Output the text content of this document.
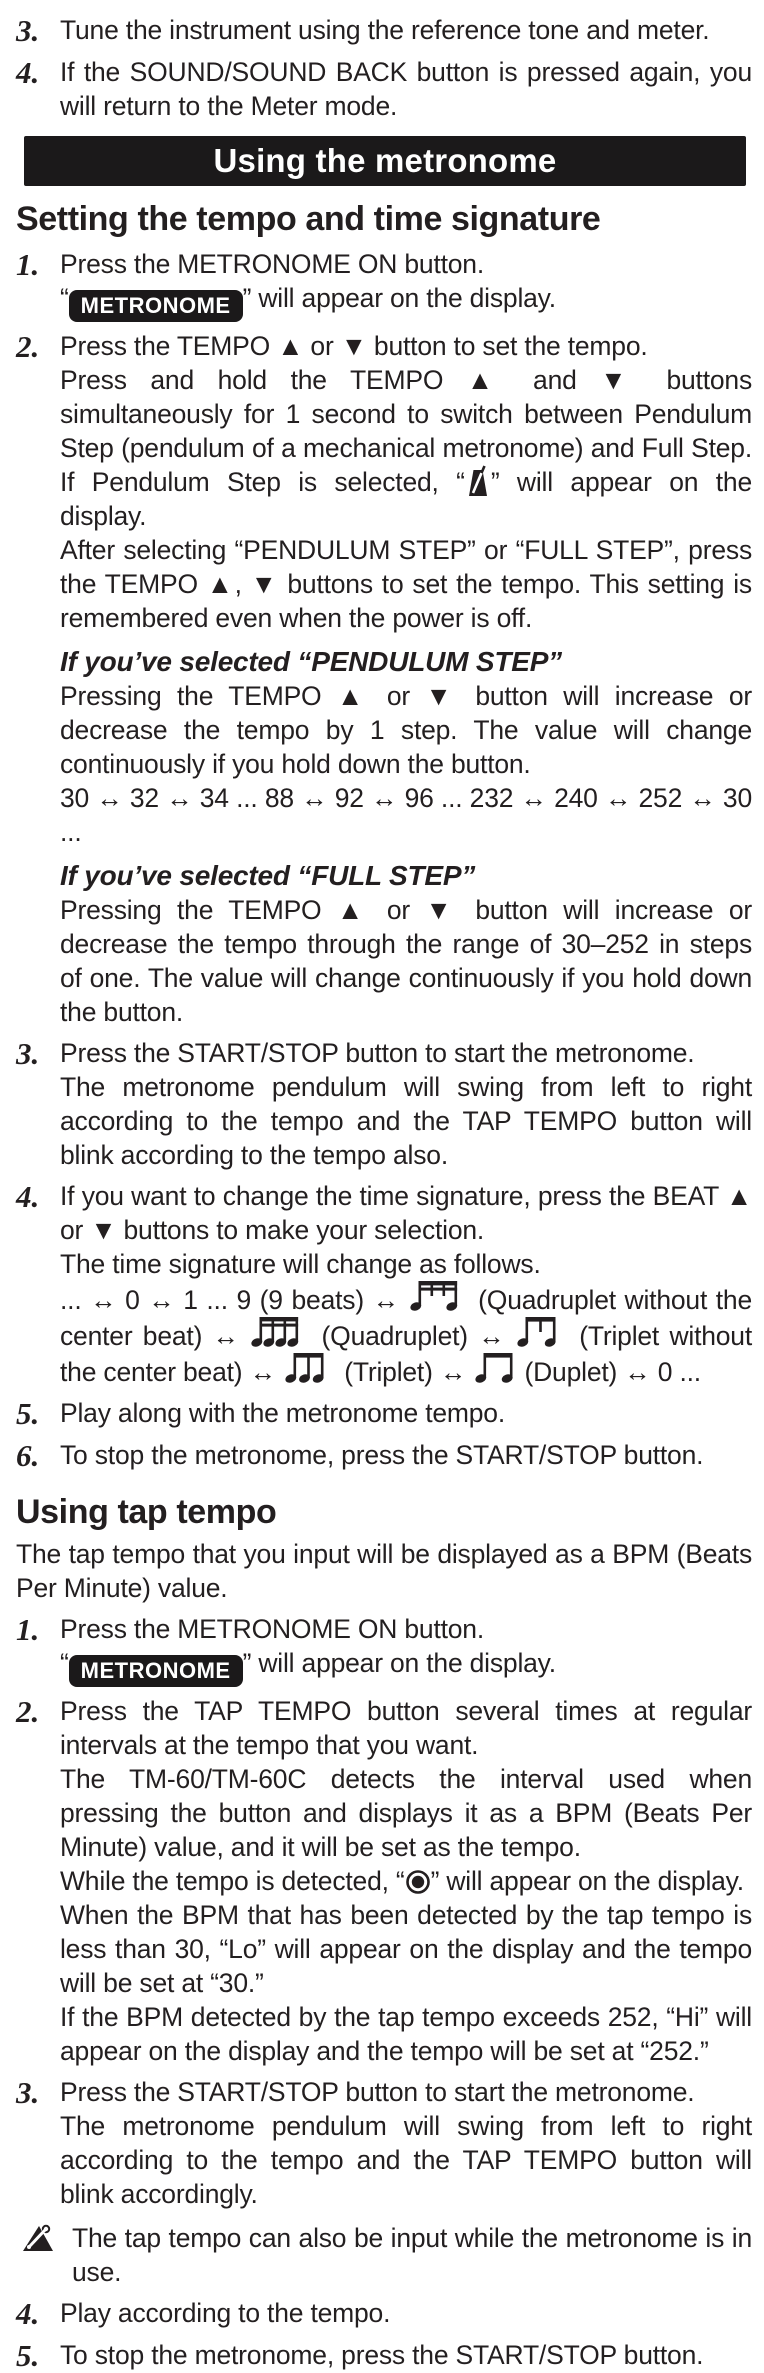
3. Tune the instrument using the reference tone and meter.

4. If the SOUND/SOUND BACK button is pressed again, you will return to the Meter mode.

Using the metronome
Setting the tempo and time signature
1. Press the METRONOME ON button.

“ METRONOME ” will appear on the display.

2. Press the TEMPO ▲ or ▼ button to set the tempo.

Press and hold the TEMPO ▲ and ▼ buttons simultaneously for 1 second to switch between Pendulum Step (pendulum of a mechanical metronome) and Full Step. If Pendulum Step is selected, “ ” will appear on the display.

After selecting “PENDULUM STEP” or “FULL STEP”, press the TEMPO ▲, ▼ buttons to set the tempo. This setting is remembered even when the power is off.

If you’ve selected “PENDULUM STEP”

Pressing the TEMPO ▲ or ▼ button will increase or decrease the tempo by 1 step. The value will change continuously if you hold down the button.

30 ↔ 32 ↔ 34 ... 88 ↔ 92 ↔ 96 ... 232 ↔ 240 ↔ 252 ↔ 30 ...

If you’ve selected “FULL STEP”

Pressing the TEMPO ▲ or ▼ button will increase or decrease the tempo through the range of 30–252 in steps of one. The value will change continuously if you hold down the button.

3. Press the START/STOP button to start the metronome.

The metronome pendulum will swing from left to right according to the tempo and the TAP TEMPO button will blink according to the tempo also.

4. If you want to change the time signature, press the BEAT ▲ or ▼ buttons to make your selection.

The time signature will change as follows.

... ↔ 0 ↔ 1 ... 9 (9 beats) ↔  (Quadruplet without the center beat) ↔  (Quadruplet) ↔  (Triplet without the center beat) ↔  (Triplet) ↔  (Duplet) ↔ 0 ...

5. Play along with the metronome tempo.

6. To stop the metronome, press the START/STOP button.

Using tap tempo

The tap tempo that you input will be displayed as a BPM (Beats Per Minute) value.

1. Press the METRONOME ON button.

“ METRONOME ” will appear on the display.

2. Press the TAP TEMPO button several times at regular intervals at the tempo that you want.

The TM-60/TM-60C detects the interval used when pressing the button and displays it as a BPM (Beats Per Minute) value, and it will be set as the tempo.

While the tempo is detected, “ ” will appear on the display.

When the BPM that has been detected by the tap tempo is less than 30, “Lo” will appear on the display and the tempo will be set at “30.”

If the BPM detected by the tap tempo exceeds 252, “Hi” will appear on the display and the tempo will be set at “252.”

3. Press the START/STOP button to start the metronome.

The metronome pendulum will swing from left to right according to the tempo and the TAP TEMPO button will blink accordingly.

The tap tempo can also be input while the metronome is in use.

4. Play according to the tempo.

5. To stop the metronome, press the START/STOP button.
